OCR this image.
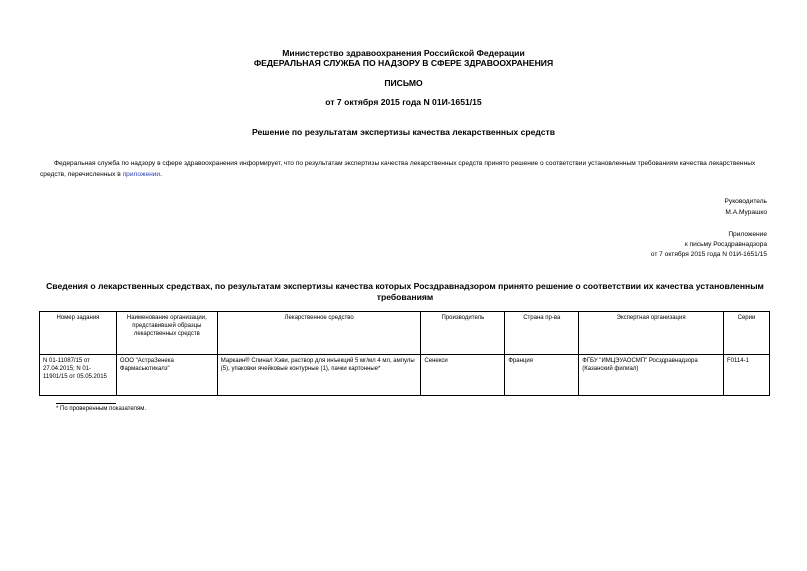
Министерство здравоохранения Российской Федерации
ФЕДЕРАЛЬНАЯ СЛУЖБА ПО НАДЗОРУ В СФЕРЕ ЗДРАВООХРАНЕНИЯ
ПИСЬМО
от 7 октября 2015 года N 01И-1651/15
Решение по результатам экспертизы качества лекарственных средств
Федеральная служба по надзору в сфере здравоохранения информирует, что по результатам экспертизы качества лекарственных средств принято решение о соответствии установленным требованиям качества лекарственных средств, перечисленных в приложении.
Руководитель
М.А.Мурашко
Приложение
к письму Росздравнадзора
от 7 октября 2015 года N 01И-1651/15
Сведения о лекарственных средствах, по результатам экспертизы качества которых Росздравнадзором принято решение о соответствии их качества установленным требованиям
Номер задания	Наименование организации, представившей образцы лекарственных средств	Лекарственное средство	Производитель	Страна пр-ва	Экспертная организация	Серии
N 01-11087/15 от 27.04.2015; N 01-11901/15 от 05.05.2015	ООО "АстраЗенека Фармасьютикалз"	Маркаин® Спинал Хэви, раствор для инъекций 5 мг/мл 4 мл, ампулы (5), упаковки ячейковые контурные (1), пачки картонные*	Сенекси	Франция	ФГБУ "ИМЦЭУАОСМП" Росздравнадзора (Казанский филиал)	F0114-1
* По проверенным показателям.
